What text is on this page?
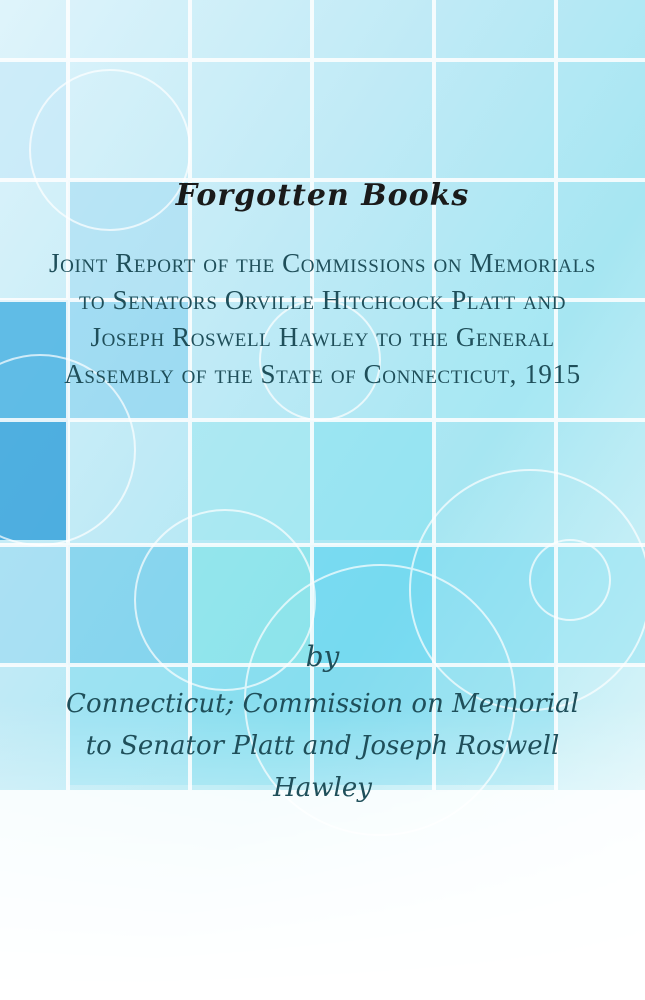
Forgotten Books
Joint Report of the Commissions on Memorials to Senators Orville Hitchcock Platt and Joseph Roswell Hawley to the General Assembly of the State of Connecticut, 1915
by
Connecticut; Commission on Memorial to Senator Platt and Joseph Roswell Hawley
